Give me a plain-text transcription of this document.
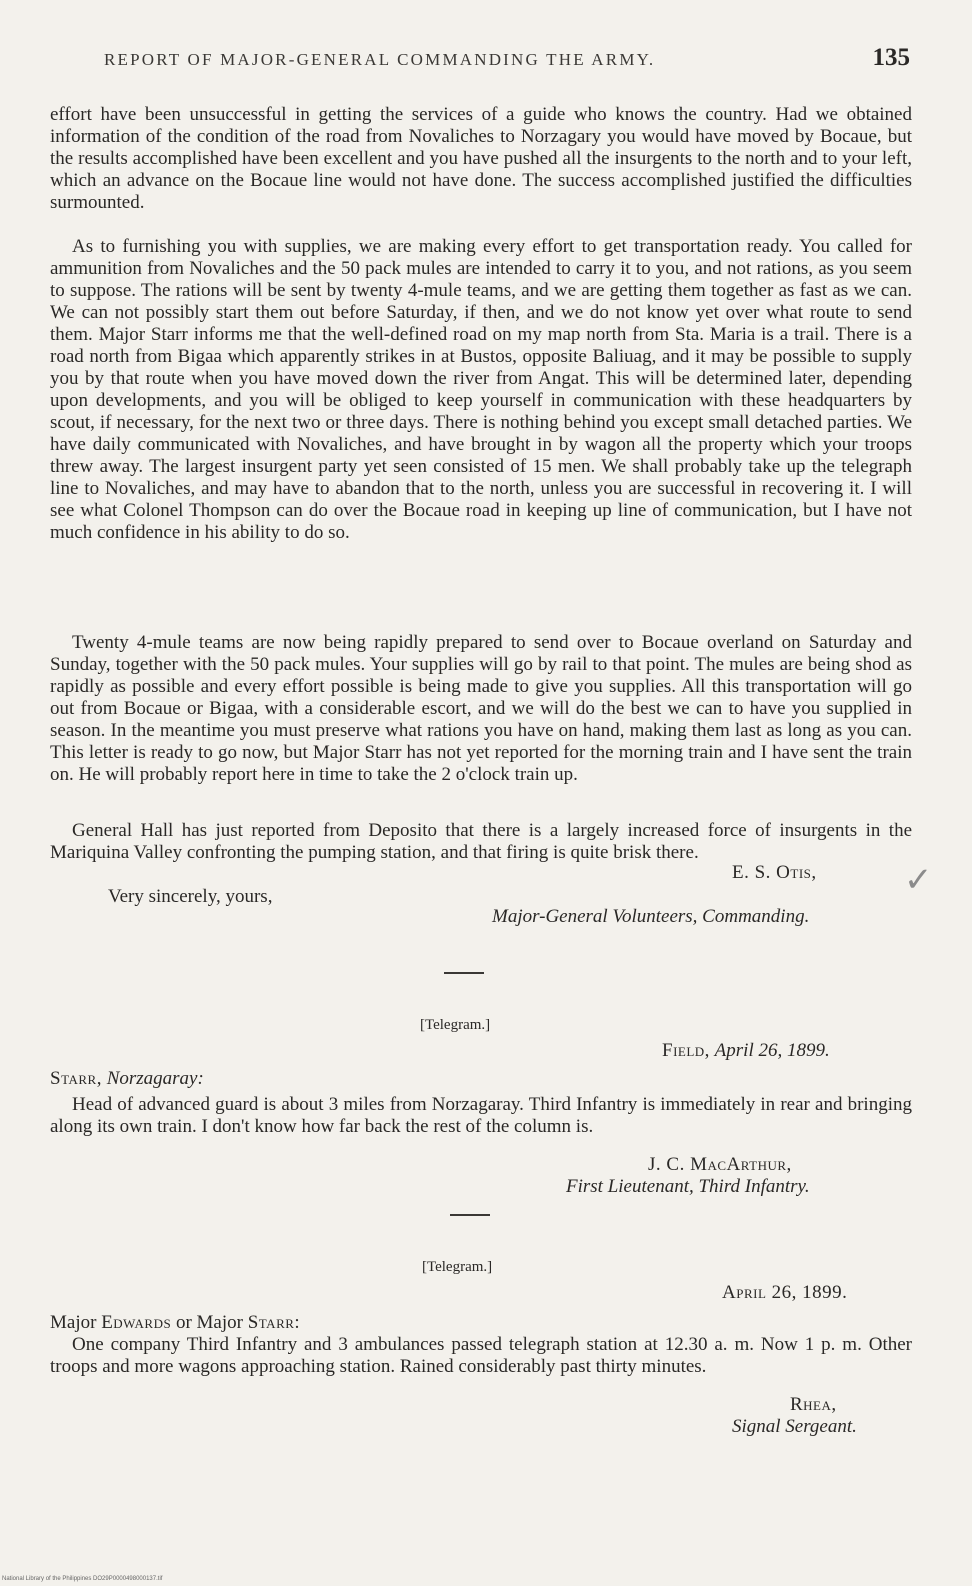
REPORT OF MAJOR-GENERAL COMMANDING THE ARMY.	135

effort have been unsuccessful in getting the services of a guide who knows the country. Had we obtained information of the condition of the road from Novaliches to Norzagary you would have moved by Bocaue, but the results accomplished have been excellent and you have pushed all the insurgents to the north and to your left, which an advance on the Bocaue line would not have done. The success accomplished justified the difficulties surmounted.

As to furnishing you with supplies, we are making every effort to get transportation ready. You called for ammunition from Novaliches and the 50 pack mules are intended to carry it to you, and not rations, as you seem to suppose. The rations will be sent by twenty 4-mule teams, and we are getting them together as fast as we can. We can not possibly start them out before Saturday, if then, and we do not know yet over what route to send them. Major Starr informs me that the well-defined road on my map north from Sta. Maria is a trail. There is a road north from Bigaa which apparently strikes in at Bustos, opposite Baliuag, and it may be possible to supply you by that route when you have moved down the river from Angat. This will be determined later, depending upon developments, and you will be obliged to keep yourself in communication with these headquarters by scout, if necessary, for the next two or three days. There is nothing behind you except small detached parties. We have daily communicated with Novaliches, and have brought in by wagon all the property which your troops threw away. The largest insurgent party yet seen consisted of 15 men. We shall probably take up the telegraph line to Novaliches, and may have to abandon that to the north, unless you are successful in recovering it. I will see what Colonel Thompson can do over the Bocaue road in keeping up line of communication, but I have not much confidence in his ability to do so.

Twenty 4-mule teams are now being rapidly prepared to send over to Bocaue overland on Saturday and Sunday, together with the 50 pack mules. Your supplies will go by rail to that point. The mules are being shod as rapidly as possible and every effort possible is being made to give you supplies. All this transportation will go out from Bocaue or Bigaa, with a considerable escort, and we will do the best we can to have you supplied in season. In the meantime you must preserve what rations you have on hand, making them last as long as you can. This letter is ready to go now, but Major Starr has not yet reported for the morning train and I have sent the train on. He will probably report here in time to take the 2 o'clock train up.

General Hall has just reported from Deposito that there is a largely increased force of insurgents in the Mariquina Valley confronting the pumping station, and that firing is quite brisk there.

Very sincerely, yours,
E. S. Otis,
Major-General Volunteers, Commanding.
✓
[Telegram.]
Field, April 26, 1899.
Starr, Norzagaray:

Head of advanced guard is about 3 miles from Norzagaray. Third Infantry is immediately in rear and bringing along its own train. I don't know how far back the rest of the column is.

J. C. MacArthur,
First Lieutenant, Third Infantry.
[Telegram.]
April 26, 1899.
Major Edwards or Major Starr:

One company Third Infantry and 3 ambulances passed telegraph station at 12.30 a. m. Now 1 p. m. Other troops and more wagons approaching station. Rained considerably past thirty minutes.

Rhea,
Signal Sergeant.
National Library of the Philippines DO29P0000498000137.tif
